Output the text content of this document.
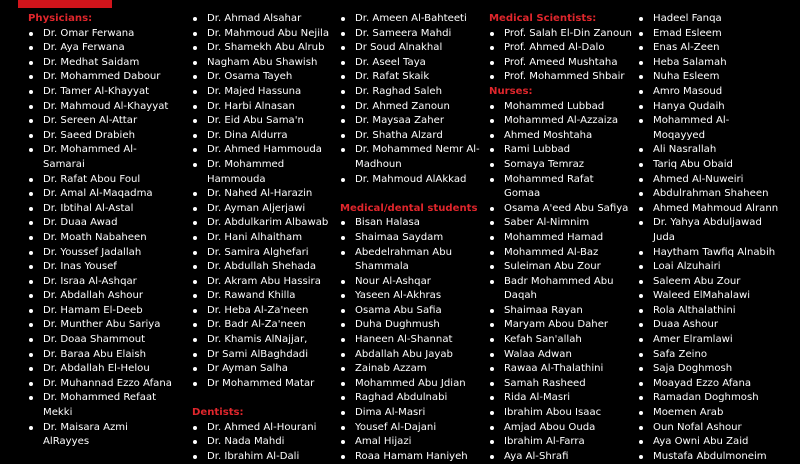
Physicians:
Dr. Omar Ferwana
Dr. Aya Ferwana
Dr. Medhat Saidam
Dr. Mohammed Dabour
Dr. Tamer Al-Khayyat
Dr. Mahmoud Al-Khayyat
Dr. Sereen Al-Attar
Dr. Saeed Drabieh
Dr. Mohammed Al-
Samarai
Dr. Rafat Abou Foul
Dr. Amal Al-Maqadma
Dr. Ibtihal Al-Astal
Dr. Duaa Awad
Dr. Moath Nabaheen
Dr. Youssef Jadallah
Dr. Inas Yousef
Dr. Israa Al-Ashqar
Dr. Abdallah Ashour
Dr. Hamam El-Deeb
Dr. Munther Abu Sariya
Dr. Doaa Shammout
Dr. Baraa Abu Elaish
Dr. Abdallah El-Helou
Dr. Muhannad Ezzo Afana
Dr. Mohammed Refaat
Mekki
Dr. Maisara Azmi
AlRayyes
Dr. Ahmad Alsahar
Dr. Mahmoud Abu Nejila
Dr. Shamekh Abu Alrub
Nagham Abu Shawish
Dr. Osama Tayeh
Dr. Majed Hassuna
Dr. Harbi Alnasan
Dr. Eid Abu Sama'n
Dr. Dina Aldurra
Dr. Ahmed Hammouda
Dr. Mohammed
Hammouda
Dr. Nahed Al-Harazin
Dr. Ayman Aljerjawi
Dr. Abdulkarim Albawab
Dr. Hani Alhaitham
Dr. Samira Alghefari
Dr. Abdullah Shehada
Dr. Akram Abu Hassira
Dr. Rawand Khilla
Dr. Heba Al-Za'neen
Dr. Badr Al-Za'neen
Dr. Khamis AlNajjar,
Dr Sami AlBaghdadi
Dr Ayman Salha
Dr Mohammed Matar
Dentists:
Dr. Ahmed Al-Hourani
Dr. Nada Mahdi
Dr. Ibrahim Al-Dali
Dr. Ameen Al-Bahteeti
Dr. Sameera Mahdi
Dr Soud Alnakhal
Dr. Aseel Taya
Dr. Rafat Skaik
Dr. Raghad Saleh
Dr. Ahmed Zanoun
Dr. Maysaa Zaher
Dr. Shatha Alzard
Dr. Mohammed Nemr Al-
Madhoun
Dr. Mahmoud AlAkkad
Medical/dental students
Bisan Halasa
Shaimaa Saydam
Abedelrahman Abu
Shammala
Nour Al-Ashqar
Yaseen Al-Akhras
Osama Abu Safia
Duha Dughmush
Haneen Al-Shannat
Abdallah Abu Jayab
Zainab Azzam
Mohammed Abu Jdian
Raghad Abdulnabi
Dima Al-Masri
Yousef Al-Dajani
Amal Hijazi
Roaa Hamam Haniyeh
Medical Scientists:
Prof. Salah El-Din Zanoun
Prof. Ahmed Al-Dalo
Prof. Ameed Mushtaha
Prof. Mohammed Shbair
Nurses:
Mohammed Lubbad
Mohammed Al-Azzaiza
Ahmed Moshtaha
Rami Lubbad
Somaya Temraz
Mohammed Rafat
Gomaa
Osama A'eed Abu Safiya
Saber Al-Nimnim
Mohammed Hamad
Mohammed Al-Baz
Suleiman Abu Zour
Badr Mohammed Abu
Daqah
Shaimaa Rayan
Maryam Abou Daher
Kefah San'allah
Walaa Adwan
Rawaa Al-Thalathini
Samah Rasheed
Rida Al-Masri
Ibrahim Abou Isaac
Amjad Abou Ouda
Ibrahim Al-Farra
Aya Al-Shrafi
Hadeel Fanqa
Emad Esleem
Enas Al-Zeen
Heba Salamah
Nuha Esleem
Amro Masoud
Hanya Qudaih
Mohammed Al-
Moqayyed
Ali Nasrallah
Tariq Abu Obaid
Ahmed Al-Nuweiri
Abdulrahman Shaheen
Ahmed Mahmoud Alrann
Dr. Yahya Abduljawad
Juda
Haytham Tawfiq Alnabih
Loai Alzuhairi
Saleem Abu Zour
Waleed ElMahalawi
Rola Althalathini
Duaa Ashour
Amer Elramlawi
Safa Zeino
Saja Doghmosh
Moayad Ezzo Afana
Ramadan Doghmosh
Moemen Arab
Oun Nofal Ashour
Aya Owni Abu Zaid
Mustafa Abdulmoneim
